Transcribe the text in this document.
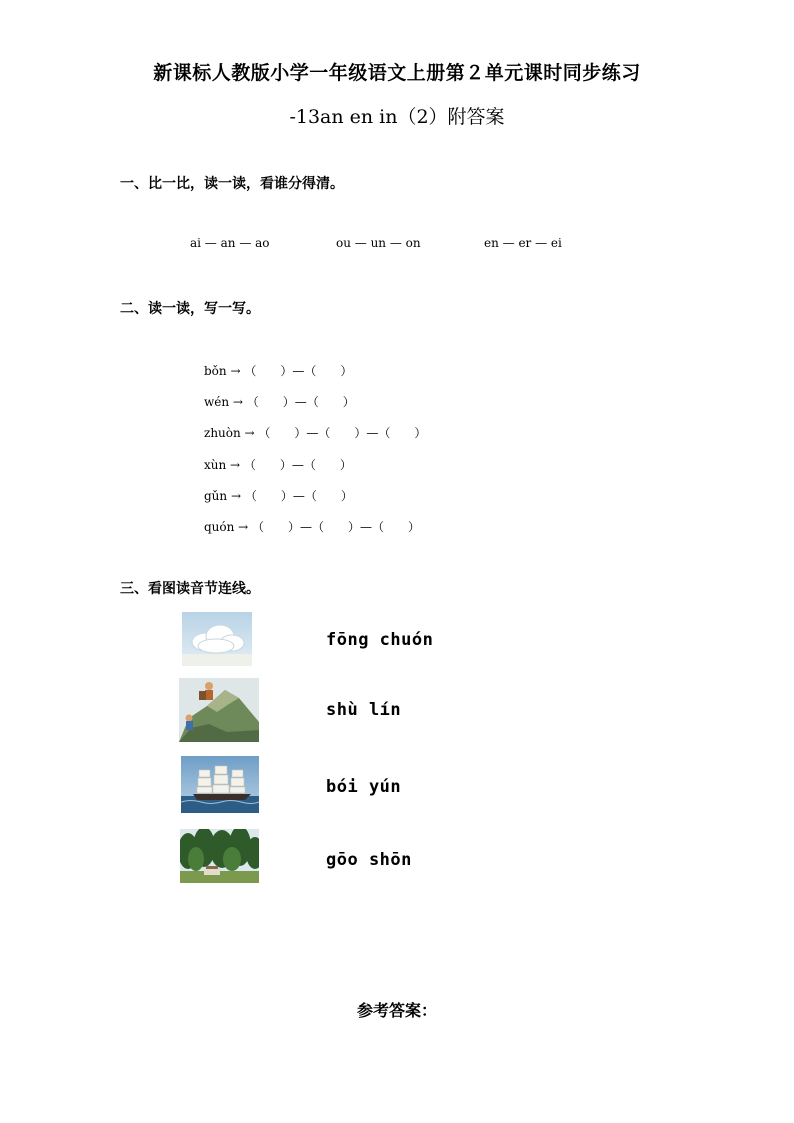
新课标人教版小学一年级语文上册第２单元课时同步练习
-13an en in（2）附答案
一、比一比，读一读，看谁分得清。
ai — an — ao	ou — un — on	en — er — ei
二、读一读，写一写。
bǒn → （　　）—（　　）
wén → （　　）—（　　）
zhuòn → （　　）—（　　）—（　　）
xùn → （　　）—（　　）
gǔn → （　　）—（　　）
quón → （　　）—（　　）—（　　）
三、看图读音节连线。
fōng chuón
shù lín
bói yún
gōo shōn
参考答案：
